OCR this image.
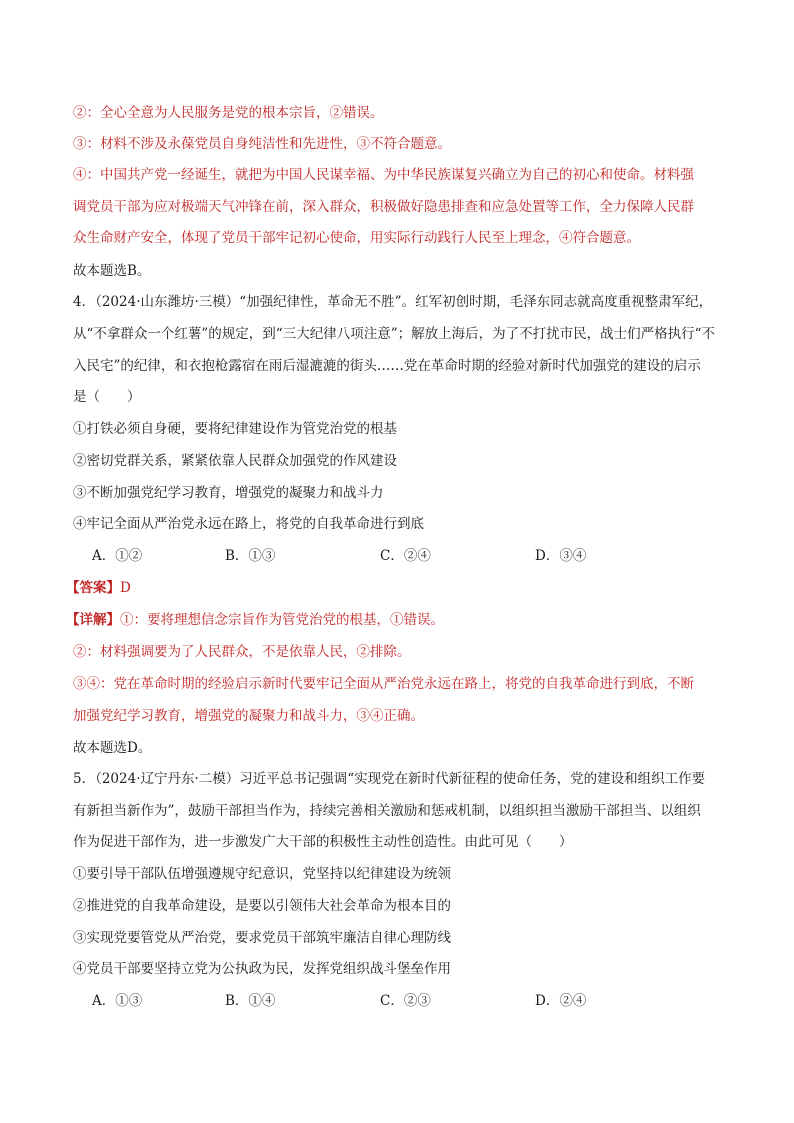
②：全心全意为人民服务是党的根本宗旨，②错误。
③：材料不涉及永葆党员自身纯洁性和先进性，③不符合题意。
④：中国共产党一经诞生，就把为中国人民谋幸福、为中华民族谋复兴确立为自己的初心和使命。材料强
调党员干部为应对极端天气冲锋在前，深入群众，积极做好隐患排查和应急处置等工作，全力保障人民群
众生命财产安全，体现了党员干部牢记初心使命，用实际行动践行人民至上理念，④符合题意。
故本题选B。
4．（2024·山东潍坊·三模）“加强纪律性，革命无不胜”。红军初创时期，毛泽东同志就高度重视整肃军纪，
从“不拿群众一个红薯”的规定，到“三大纪律八项注意”；解放上海后，为了不打扰市民，战士们严格执行“不
入民宅”的纪律，和衣抱枪露宿在雨后湿漉漉的街头……党在革命时期的经验对新时代加强党的建设的启示
是（　　）
①打铁必须自身硬，要将纪律建设作为管党治党的根基
②密切党群关系，紧紧依靠人民群众加强党的作风建设
③不断加强党纪学习教育，增强党的凝聚力和战斗力
④牢记全面从严治党永远在路上，将党的自我革命进行到底
A．①②	B．①③	C．②④	D．③④
【答案】D
【详解】①：要将理想信念宗旨作为管党治党的根基，①错误。
②：材料强调要为了人民群众，不是依靠人民，②排除。
③④：党在革命时期的经验启示新时代要牢记全面从严治党永远在路上，将党的自我革命进行到底，不断
加强党纪学习教育，增强党的凝聚力和战斗力，③④正确。
故本题选D。
5．（2024·辽宁丹东·二模）习近平总书记强调“实现党在新时代新征程的使命任务，党的建设和组织工作要
有新担当新作为”，鼓励干部担当作为，持续完善相关激励和惩戒机制，以组织担当激励干部担当、以组织
作为促进干部作为，进一步激发广大干部的积极性主动性创造性。由此可见（　　）
①要引导干部队伍增强遵规守纪意识，党坚持以纪律建设为统领
②推进党的自我革命建设，是要以引领伟大社会革命为根本目的
③实现党要管党从严治党，要求党员干部筑牢廉洁自律心理防线
④党员干部要坚持立党为公执政为民，发挥党组织战斗堡垒作用
A．①③	B．①④	C．②③	D．②④
